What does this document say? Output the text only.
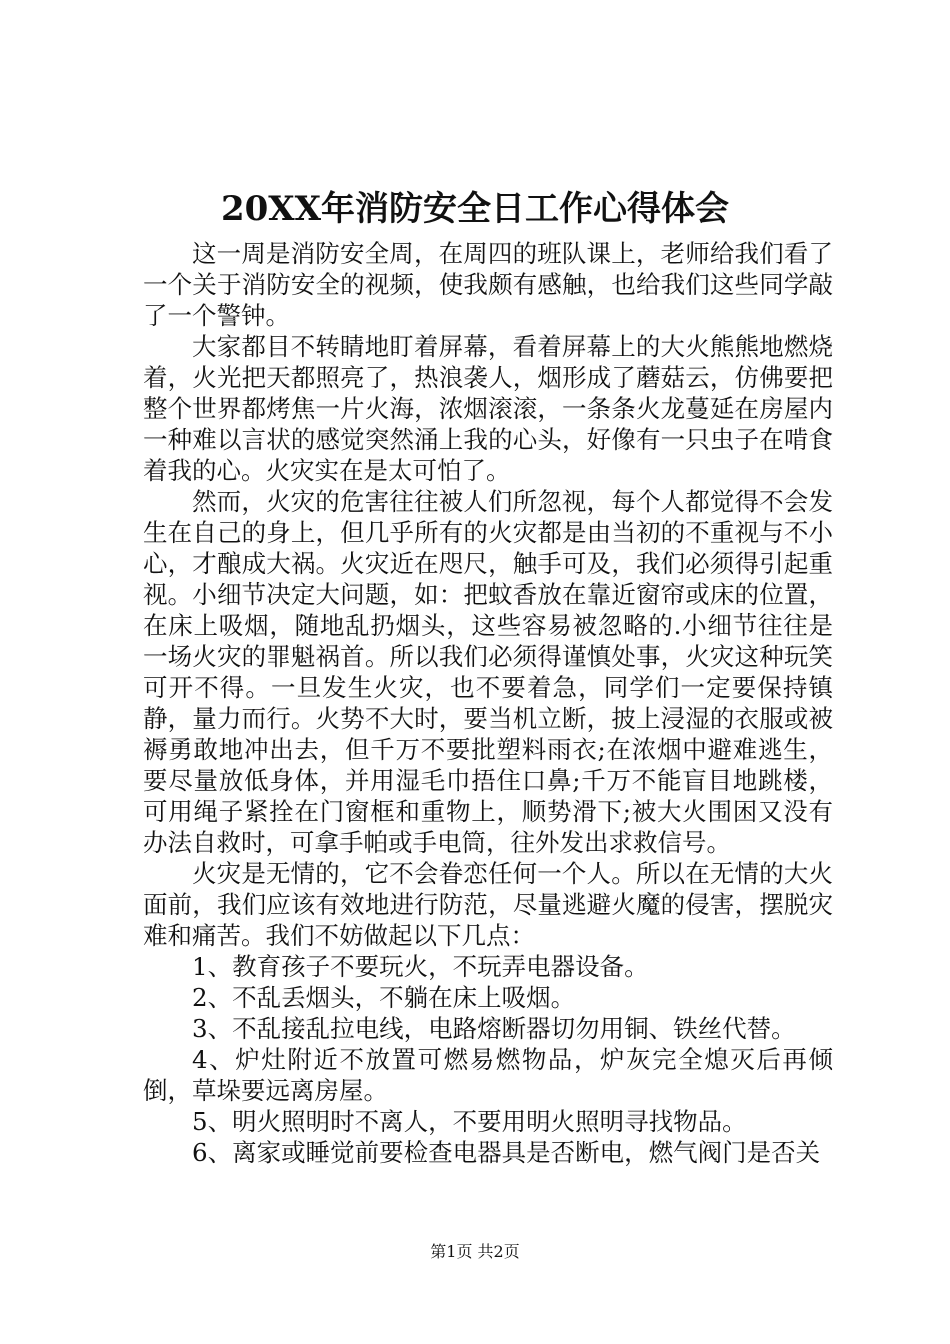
20XX年消防安全日工作心得体会

这一周是消防安全周，在周四的班队课上，老师给我们看了一个关于消防安全的视频，使我颇有感触，也给我们这些同学敲了一个警钟。

大家都目不转睛地盯着屏幕，看着屏幕上的大火熊熊地燃烧着，火光把天都照亮了，热浪袭人，烟形成了蘑菇云，仿佛要把整个世界都烤焦一片火海，浓烟滚滚，一条条火龙蔓延在房屋内一种难以言状的感觉突然涌上我的心头，好像有一只虫子在啃食着我的心。火灾实在是太可怕了。

然而，火灾的危害往往被人们所忽视，每个人都觉得不会发生在自己的身上，但几乎所有的火灾都是由当初的不重视与不小心，才酿成大祸。火灾近在咫尺，触手可及，我们必须得引起重视。小细节决定大问题，如：把蚊香放在靠近窗帘或床的位置，在床上吸烟，随地乱扔烟头，这些容易被忽略的.小细节往往是一场火灾的罪魁祸首。所以我们必须得谨慎处事，火灾这种玩笑可开不得。一旦发生火灾，也不要着急，同学们一定要保持镇静，量力而行。火势不大时，要当机立断，披上浸湿的衣服或被褥勇敢地冲出去，但千万不要批塑料雨衣;在浓烟中避难逃生，要尽量放低身体，并用湿毛巾捂住口鼻;千万不能盲目地跳楼，可用绳子紧拴在门窗框和重物上，顺势滑下;被大火围困又没有办法自救时，可拿手帕或手电筒，往外发出求救信号。

火灾是无情的，它不会眷恋任何一个人。所以在无情的大火面前，我们应该有效地进行防范，尽量逃避火魔的侵害，摆脱灾难和痛苦。我们不妨做起以下几点：

1、教育孩子不要玩火，不玩弄电器设备。

2、不乱丢烟头，不躺在床上吸烟。

3、不乱接乱拉电线，电路熔断器切勿用铜、铁丝代替。

4、炉灶附近不放置可燃易燃物品，炉灰完全熄灭后再倾倒，草垛要远离房屋。

5、明火照明时不离人，不要用明火照明寻找物品。

6、离家或睡觉前要检查电器具是否断电，燃气阀门是否关

第1页 共2页
